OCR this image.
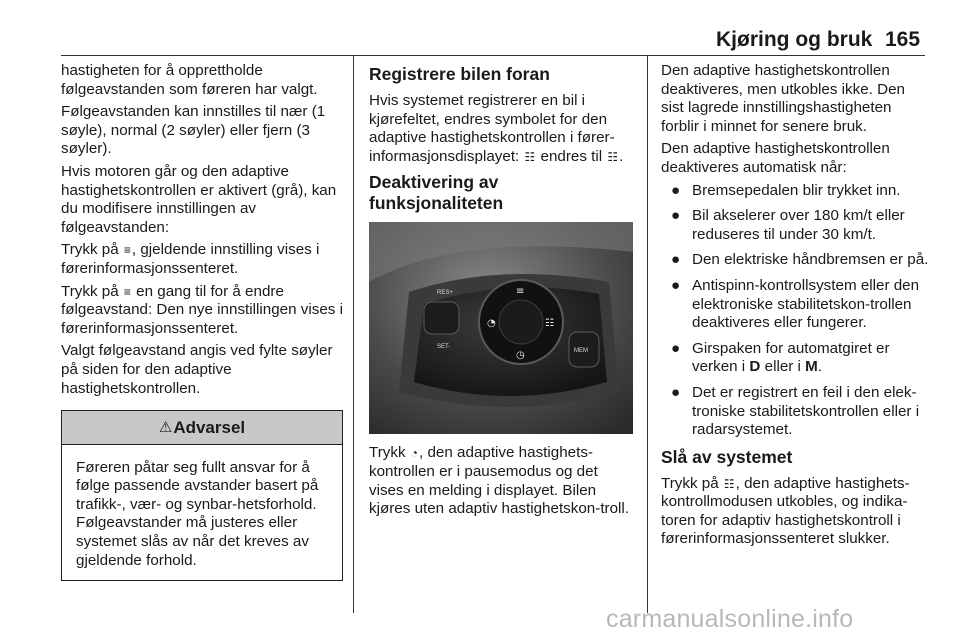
Kjøring og bruk 165

hastigheten for å opprettholde følgeavstanden som føreren har valgt.

Følgeavstanden kan innstilles til nær (1 søyle), normal (2 søyler) eller fjern (3 søyler).

Hvis motoren går og den adaptive hastighetskontrollen er aktivert (grå), kan du modifisere innstillingen av følgeavstanden:

Trykk på ≡, gjeldende innstilling vises i førerinformasjonssenteret.

Trykk på ≡ en gang til for å endre følgeavstand: Den nye innstillingen vises i førerinformasjonssenteret.

Valgt følgeavstand angis ved fylte søyler på siden for den adaptive hastighetskontrollen.

⚠Advarsel
Føreren påtar seg fullt ansvar for å følge passende avstander basert på trafikk-, vær- og synbar-hetsforhold. Følgeavstander må justeres eller systemet slås av når det kreves av gjeldende forhold.
Registrere bilen foran

Hvis systemet registrerer en bil i kjørefeltet, endres symbolet for den adaptive hastighetskontrollen i fører-informasjonsdisplayet: ☷ endres til ☷.

Deaktivering av funksjonaliteten
RES+
SET-
MEM
≡
◔	☷
◷

Trykk ◔, den adaptive hastighets-kontrollen er i pausemodus og det vises en melding i displayet. Bilen kjøres uten adaptiv hastighetskon-troll.

Den adaptive hastighetskontrollen deaktiveres, men utkobles ikke. Den sist lagrede innstillingshastigheten forblir i minnet for senere bruk.

Den adaptive hastighetskontrollen deaktiveres automatisk når:

● Bremsepedalen blir trykket inn.
● Bil akselerer over 180 km/t eller reduseres til under 30 km/t.
● Den elektriske håndbremsen er på.
● Antispinn-kontrollsystem eller den elektroniske stabilitetskon-trollen deaktiveres eller fungerer.
● Girspaken for automatgiret er verken i D eller i M.
● Det er registrert en feil i den elek-troniske stabilitetskontrollen eller i radarsystemet.
Slå av systemet

Trykk på ☷, den adaptive hastighets-kontrollmodusen utkobles, og indika-toren for adaptiv hastighetskontroll i førerinformasjonssenteret slukker.

carmanualsonline.info
